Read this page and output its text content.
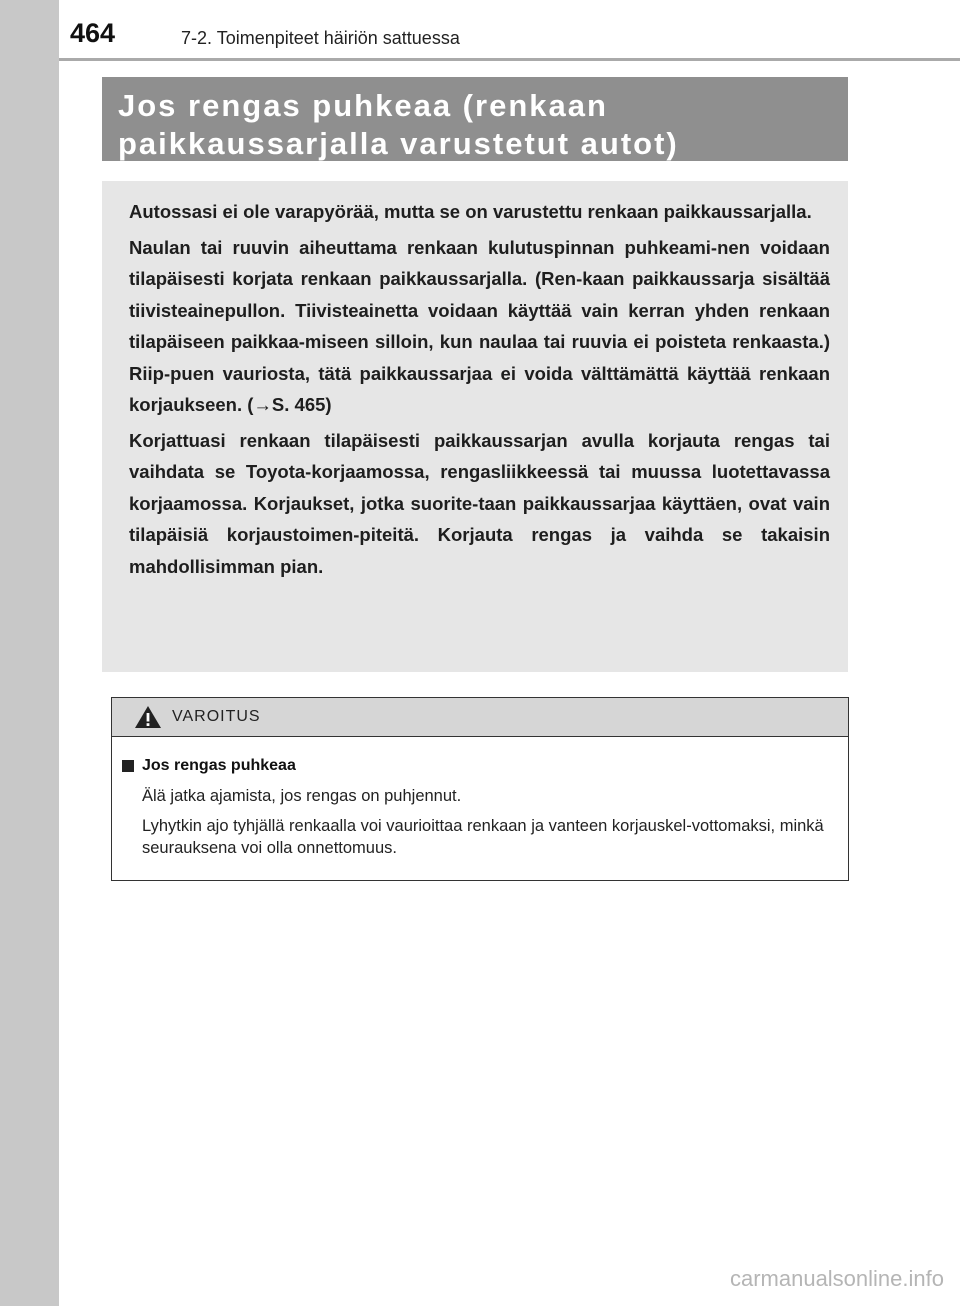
464	7-2. Toimenpiteet häiriön sattuessa
Jos rengas puhkeaa (renkaan
paikkaussarjalla varustetut autot)

Autossasi ei ole varapyörää, mutta se on varustettu renkaan paikkaussarjalla.

Naulan tai ruuvin aiheuttama renkaan kulutuspinnan puhkeami-nen voidaan tilapäisesti korjata renkaan paikkaussarjalla. (Ren-kaan paikkaussarja sisältää tiivisteainepullon. Tiivisteainetta voidaan käyttää vain kerran yhden renkaan tilapäiseen paikkaa-miseen silloin, kun naulaa tai ruuvia ei poisteta renkaasta.) Riip-puen vauriosta, tätä paikkaussarjaa ei voida välttämättä käyttää renkaan korjaukseen. (→S. 465)

Korjattuasi renkaan tilapäisesti paikkaussarjan avulla korjauta rengas tai vaihdata se Toyota-korjaamossa, rengasliikkeessä tai muussa luotettavassa korjaamossa. Korjaukset, jotka suorite-taan paikkaussarjaa käyttäen, ovat vain tilapäisiä korjaustoimen-piteitä. Korjauta rengas ja vaihda se takaisin mahdollisimman pian.

VAROITUS
Jos rengas puhkeaa

Älä jatka ajamista, jos rengas on puhjennut.

Lyhytkin ajo tyhjällä renkaalla voi vaurioittaa renkaan ja vanteen korjauskel-vottomaksi, minkä seurauksena voi olla onnettomuus.

carmanualsonline.info
